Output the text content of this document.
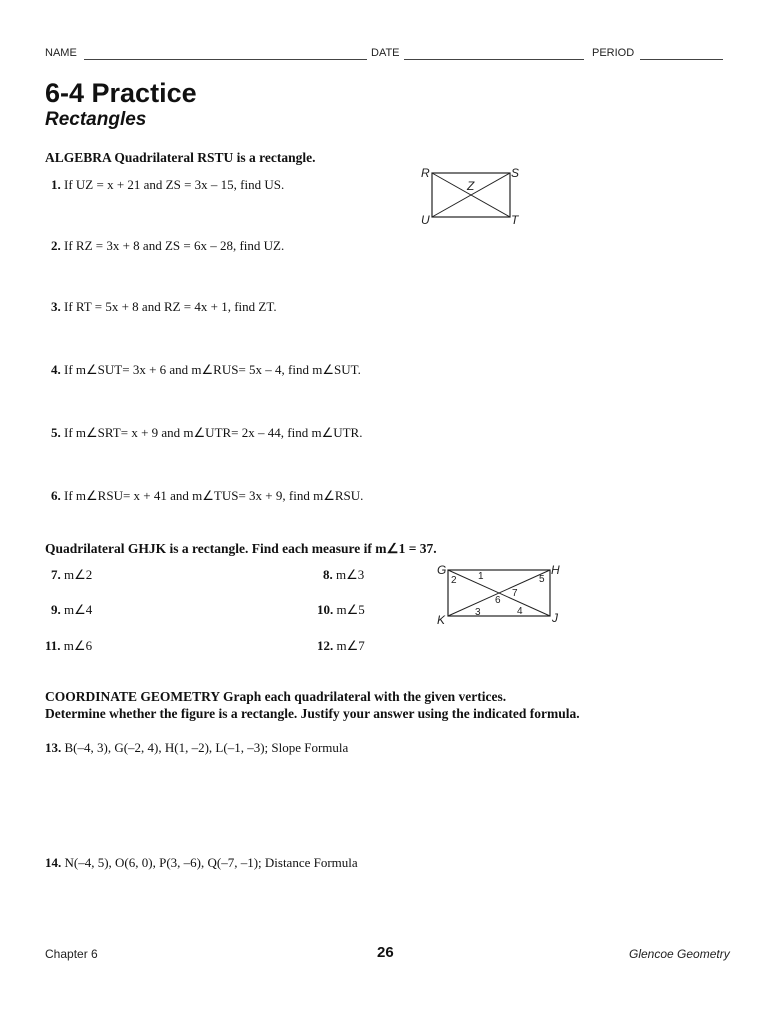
NAME	DATE	PERIOD
6-4 Practice
Rectangles
ALGEBRA Quadrilateral RSTU is a rectangle.
1. If UZ = x + 21 and ZS = 3x – 15, find US.
2. If RZ = 3x + 8 and ZS = 6x – 28, find UZ.
3. If RT = 5x + 8 and RZ = 4x + 1, find ZT.
4. If m∠SUT= 3x + 6 and m∠RUS= 5x – 4, find m∠SUT.
5. If m∠SRT= x + 9 and m∠UTR= 2x – 44, find m∠UTR.
6. If m∠RSU= x + 41 and m∠TUS= 3x + 9, find m∠RSU.
R	S
T
U
Z
Quadrilateral GHJK is a rectangle. Find each measure if m∠1 = 37.
7. m∠2	8. m∠3
9. m∠4	10. m∠5
11. m∠6	12. m∠7
G	H
J
K
1
2
3	4
5
6
7
COORDINATE GEOMETRY Graph each quadrilateral with the given vertices.
Determine whether the figure is a rectangle. Justify your answer using the indicated formula.
13. B(–4, 3), G(–2, 4), H(1, –2), L(–1, –3); Slope Formula
14. N(–4, 5), O(6, 0), P(3, –6), Q(–7, –1); Distance Formula
Chapter 6	26	Glencoe Geometry
